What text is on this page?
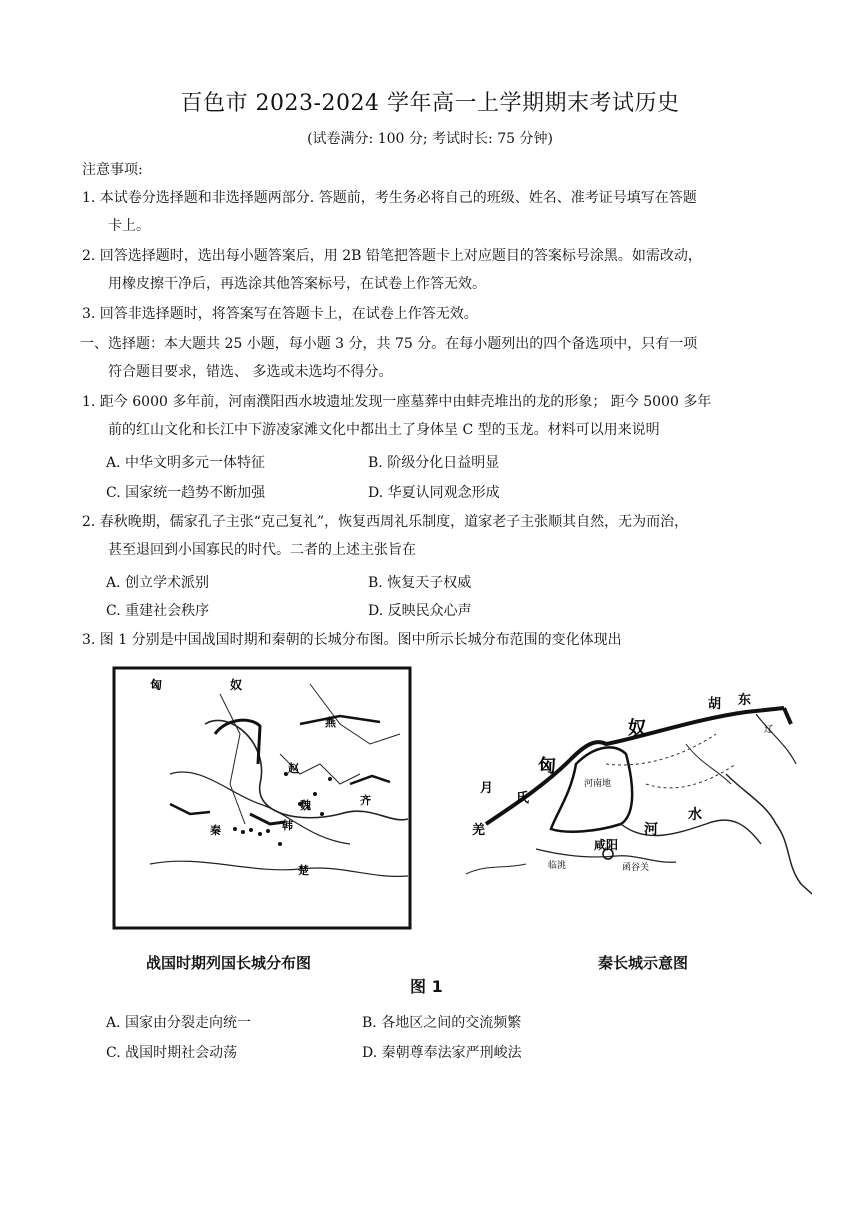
百色市 2023-2024 学年高一上学期期末考试历史
(试卷满分: 100 分; 考试时长: 75 分钟)
注意事项:
1. 本试卷分选择题和非选择题两部分. 答题前，考生务必将自己的班级、姓名、准考证号填写在答题
卡上。
2. 回答选择题时，选出每小题答案后，用 2B 铅笔把答题卡上对应题目的答案标号涂黑。如需改动，
用橡皮擦干净后，再选涂其他答案标号，在试卷上作答无效。
3. 回答非选择题时，将答案写在答题卡上，在试卷上作答无效。
一、选择题：本大题共 25 小题，每小题 3 分，共 75 分。在每小题列出的四个备选项中，只有一项
符合题目要求，错选、 多选或未选均不得分。
1. 距今 6000 多年前，河南濮阳西水坡遗址发现一座墓葬中由蚌壳堆出的龙的形象； 距今 5000 多年
前的红山文化和长江中下游凌家滩文化中都出土了身体呈 C 型的玉龙。材料可以用来说明
A. 中华文明多元一体特征	B. 阶级分化日益明显
C. 国家统一趋势不断加强	D. 华夏认同观念形成
2. 春秋晚期，儒家孔子主张“克己复礼”，恢复西周礼乐制度，道家老子主张顺其自然，无为而治，
甚至退回到小国寡民的时代。二者的上述主张旨在
A. 创立学术派别	B. 恢复天子权威
C. 重建社会秩序	D. 反映民众心声
3. 图 1 分别是中国战国时期和秦朝的长城分布图。图中所示长城分布范围的变化体现出
匈	奴
燕
赵
魏	齐
韩
楚
秦
胡 东
奴
匈
月
氏
羌
咸阳
河
水
辽
河南地
临洮	函谷关
战国时期列国长城分布图	秦长城示意图
图 1
A. 国家由分裂走向统一	B. 各地区之间的交流频繁
C. 战国时期社会动荡	D. 秦朝尊奉法家严刑峻法
